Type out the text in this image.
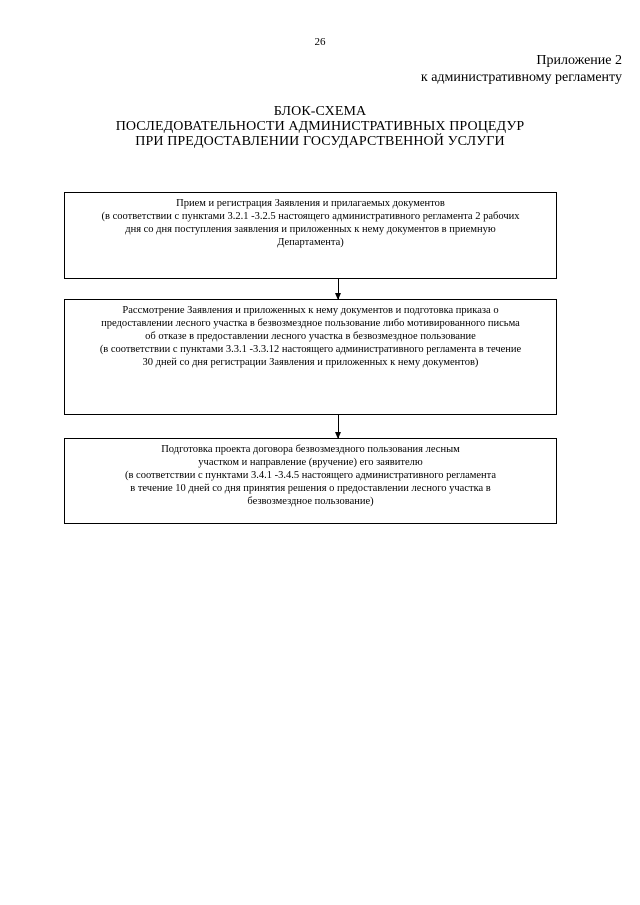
26
Приложение 2
к административному регламенту
БЛОК-СХЕМА
ПОСЛЕДОВАТЕЛЬНОСТИ АДМИНИСТРАТИВНЫХ ПРОЦЕДУР
ПРИ ПРЕДОСТАВЛЕНИИ ГОСУДАРСТВЕННОЙ УСЛУГИ
Прием и регистрация Заявления и прилагаемых документов
(в соответствии с пунктами 3.2.1 -3.2.5 настоящего административного регламента 2 рабочих
дня со дня поступления заявления и приложенных к нему документов в приемную
Департамента)
Рассмотрение Заявления и приложенных к нему документов и подготовка приказа о
предоставлении лесного участка в безвозмездное пользование либо мотивированного письма
об отказе в предоставлении лесного участка в безвозмездное пользование
(в соответствии с пунктами 3.3.1 -3.3.12 настоящего административного регламента в течение
30 дней со дня регистрации Заявления и приложенных к нему документов)
Подготовка проекта договора безвозмездного пользования лесным
участком и направление (вручение) его заявителю
(в соответствии с пунктами 3.4.1 -3.4.5 настоящего административного регламента
в течение 10 дней со дня принятия решения о предоставлении лесного участка в
безвозмездное пользование)
